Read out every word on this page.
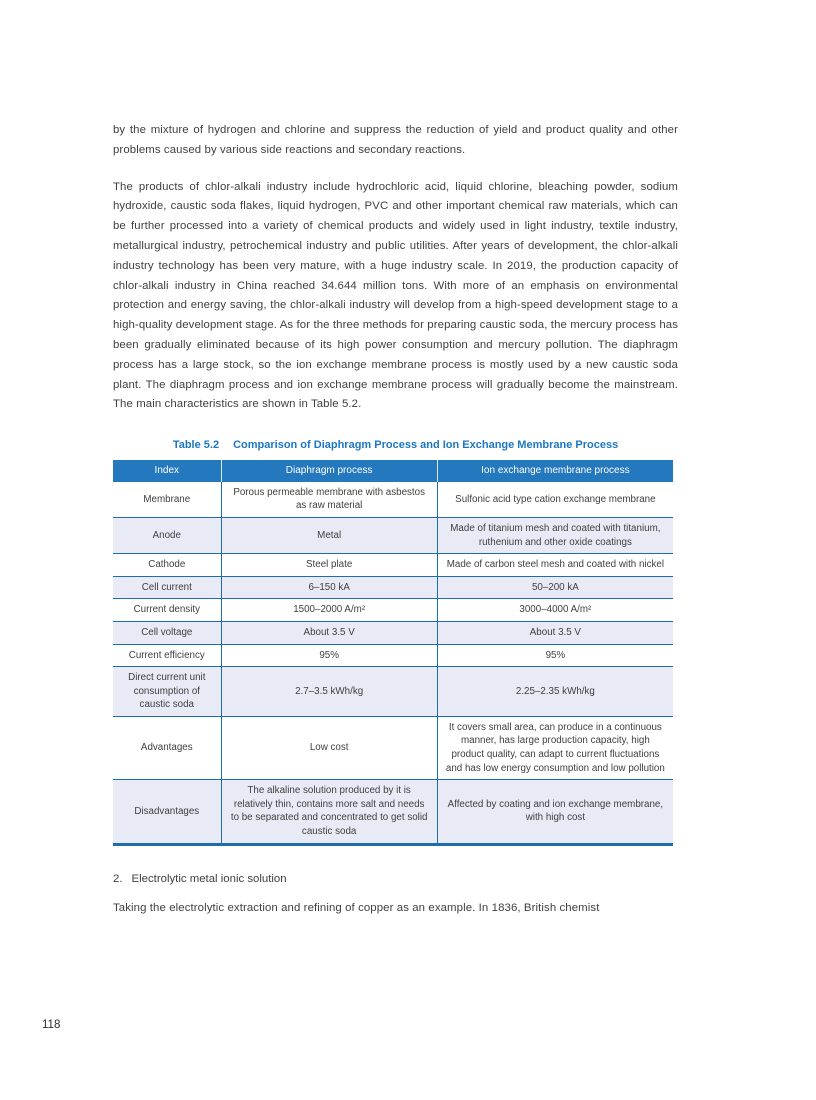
by the mixture of hydrogen and chlorine and suppress the reduction of yield and product quality and other problems caused by various side reactions and secondary reactions.

The products of chlor-alkali industry include hydrochloric acid, liquid chlorine, bleaching powder, sodium hydroxide, caustic soda flakes, liquid hydrogen, PVC and other important chemical raw materials, which can be further processed into a variety of chemical products and widely used in light industry, textile industry, metallurgical industry, petrochemical industry and public utilities. After years of development, the chlor-alkali industry technology has been very mature, with a huge industry scale. In 2019, the production capacity of chlor-alkali industry in China reached 34.644 million tons. With more of an emphasis on environmental protection and energy saving, the chlor-alkali industry will develop from a high-speed development stage to a high-quality development stage. As for the three methods for preparing caustic soda, the mercury process has been gradually eliminated because of its high power consumption and mercury pollution. The diaphragm process has a large stock, so the ion exchange membrane process is mostly used by a new caustic soda plant. The diaphragm process and ion exchange membrane process will gradually become the mainstream. The main characteristics are shown in Table 5.2.

Table 5.2 Comparison of Diaphragm Process and Ion Exchange Membrane Process
Index	Diaphragm process	Ion exchange membrane process
Membrane	Porous permeable membrane with asbestos as raw material	Sulfonic acid type cation exchange membrane
Anode	Metal	Made of titanium mesh and coated with titanium, ruthenium and other oxide coatings
Cathode	Steel plate	Made of carbon steel mesh and coated with nickel
Cell current	6–150 kA	50–200 kA
Current density	1500–2000 A/m²	3000–4000 A/m²
Cell voltage	About 3.5 V	About 3.5 V
Current efficiency	95%	95%
Direct current unit consumption of caustic soda	2.7–3.5 kWh/kg	2.25–2.35 kWh/kg
Advantages	Low cost	It covers small area, can produce in a continuous manner, has large production capacity, high product quality, can adapt to current fluctuations and has low energy consumption and low pollution
Disadvantages	The alkaline solution produced by it is relatively thin, contains more salt and needs to be separated and concentrated to get solid caustic soda	Affected by coating and ion exchange membrane, with high cost

2. Electrolytic metal ionic solution

Taking the electrolytic extraction and refining of copper as an example. In 1836, British chemist

118
